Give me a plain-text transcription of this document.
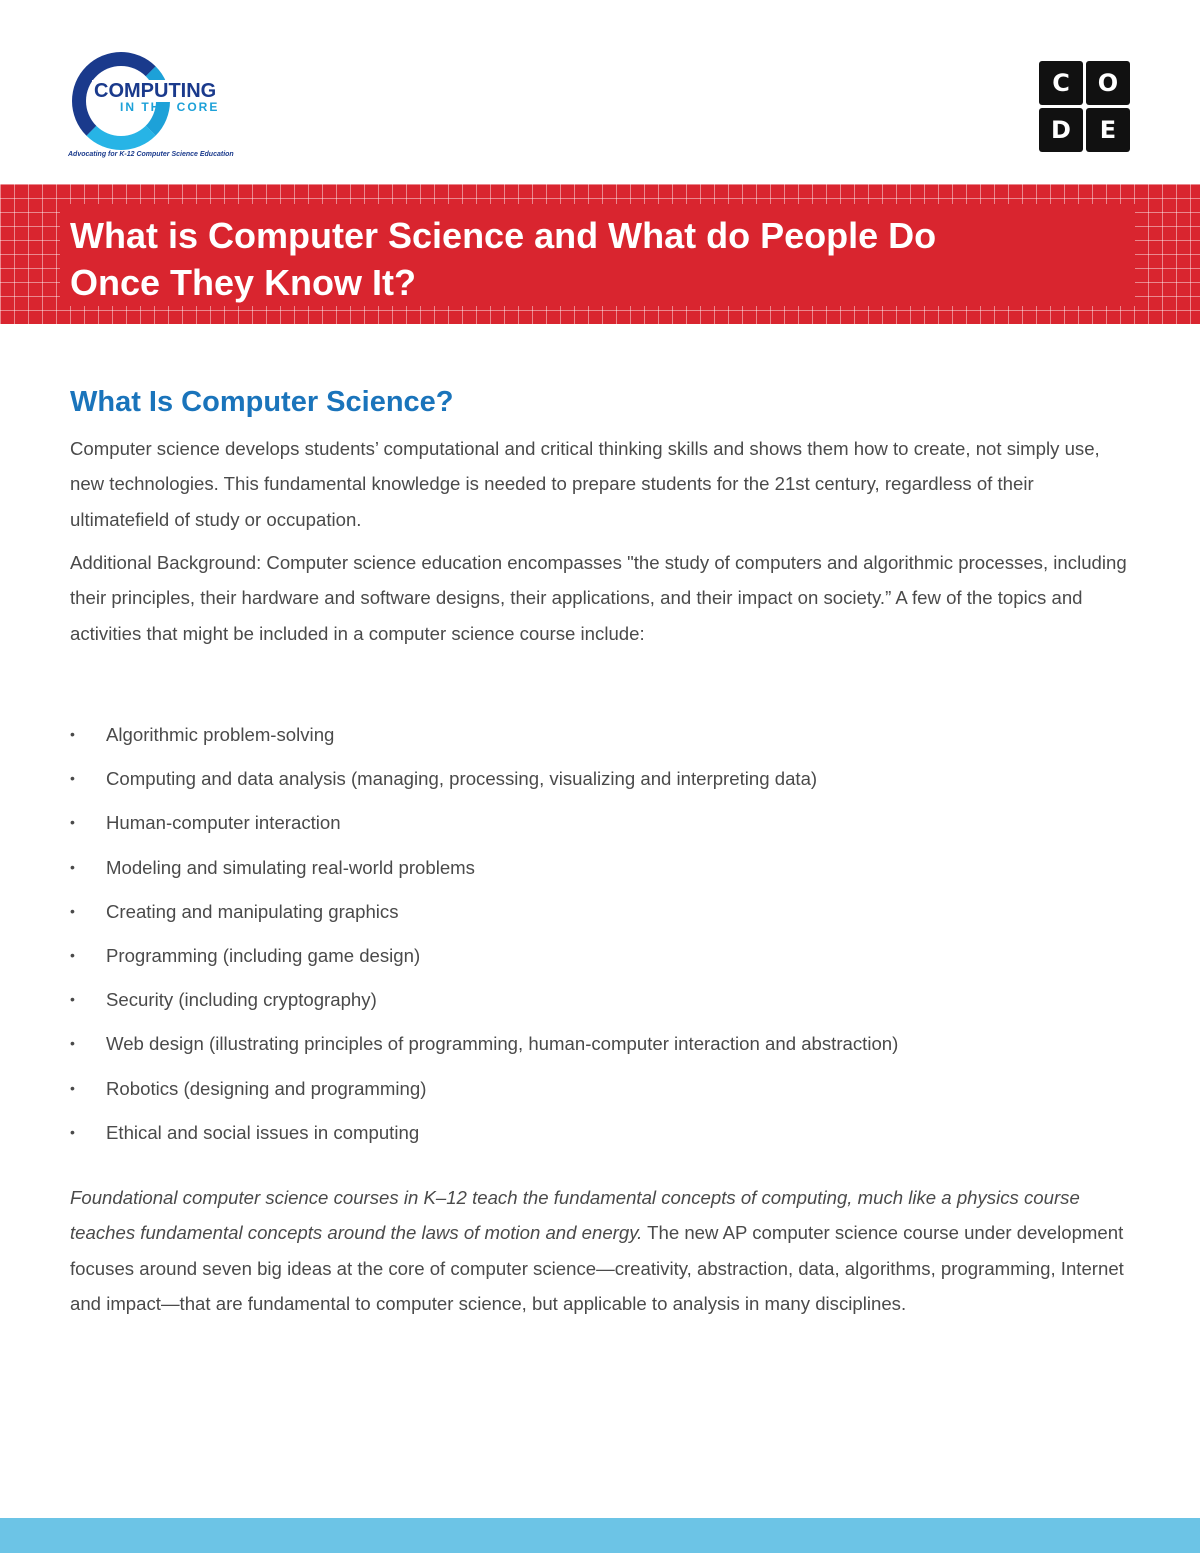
COMPUTING
IN THE CORE
Advocating for K-12 Computer Science Education
C	O
D	E
What is Computer Science and What do People Do
Once They Know It?
What Is Computer Science?

Computer science develops students’ computational and critical thinking skills and shows them how to create, not simply use, new technologies. This fundamental knowledge is needed to prepare students for the 21st century, regardless of their ultimatefield of study or occupation.

Additional Background: Computer science education encompasses "the study of computers and algorithmic processes, including their principles, their hardware and software designs, their applications, and their impact on society.” A few of the topics and activities that might be included in a computer science course include:

• Algorithmic problem-solving
• Computing and data analysis (managing, processing, visualizing and interpreting data)
• Human-computer interaction
• Modeling and simulating real-world problems
• Creating and manipulating graphics
• Programming (including game design)
• Security (including cryptography)
• Web design (illustrating principles of programming, human-computer interaction and abstraction)
• Robotics (designing and programming)
• Ethical and social issues in computing

Foundational computer science courses in K–12 teach the fundamental concepts of computing, much like a physics course teaches fundamental concepts around the laws of motion and energy. The new AP computer science course under development focuses around seven big ideas at the core of computer science—creativity, abstraction, data, algorithms, programming, Internet and impact—that are fundamental to computer science, but applicable to analysis in many disciplines.
